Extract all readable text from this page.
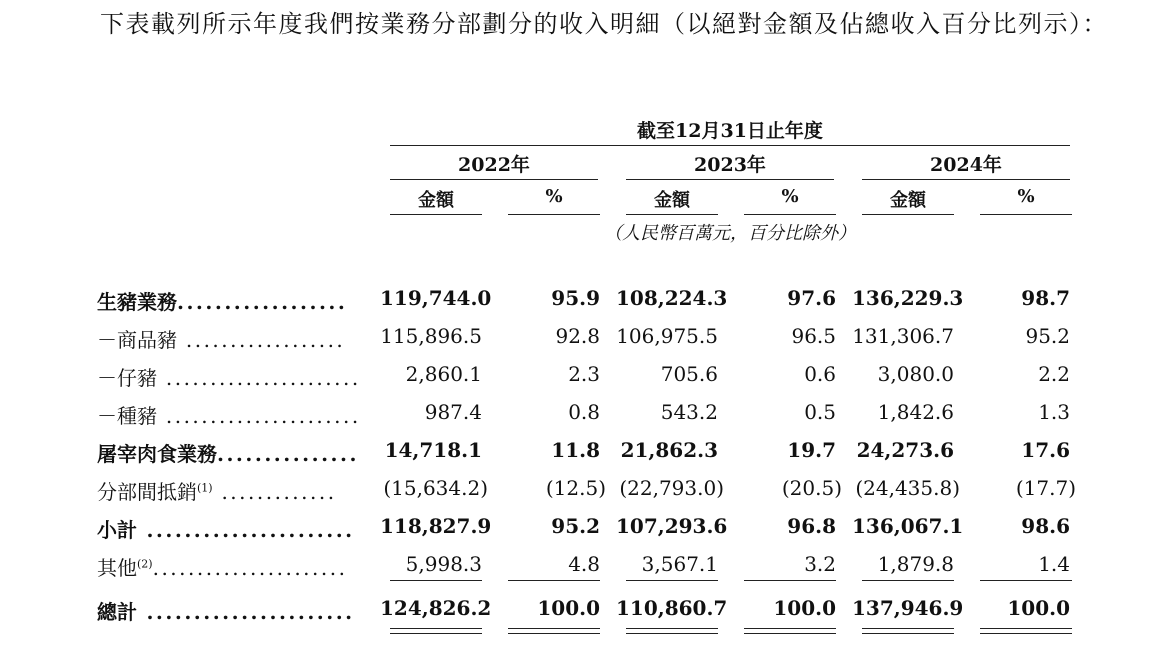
下表載列所示年度我們按業務分部劃分的收入明細（以絕對金額及佔總收入百分比列示）：

截至12月31日止年度
2022年	2023年	2024年
金額	%	金額	%	金額	%
（人民幣百萬元，百分比除外）
生豬業務.................. 119,744.0	95.9 108,224.3	97.6 136,229.3	98.7
－商品豬 .................. 115,896.5	92.8 106,975.5	96.5 131,306.7	95.2
－仔豬 ......................	2,860.1	2.3	705.6	0.6	3,080.0	2.2
－種豬 ......................	987.4	0.8	543.2	0.5	1,842.6	1.3
屠宰肉食業務............... 14,718.1	11.8 21,862.3	19.7 24,273.6	17.6
分部間抵銷$^{(1)}$ ............. (15,634.2)	(12.5) (22,793.0)	(20.5) (24,435.8)	(17.7)
小計 ...................... 118,827.9	95.2 107,293.6	96.8 136,067.1	98.6
其他$^{(2)}$......................	5,998.3	4.8	3,567.1	3.2	1,879.8	1.4
總計 ...................... 124,826.2	100.0 110,860.7	100.0 137,946.9	100.0
